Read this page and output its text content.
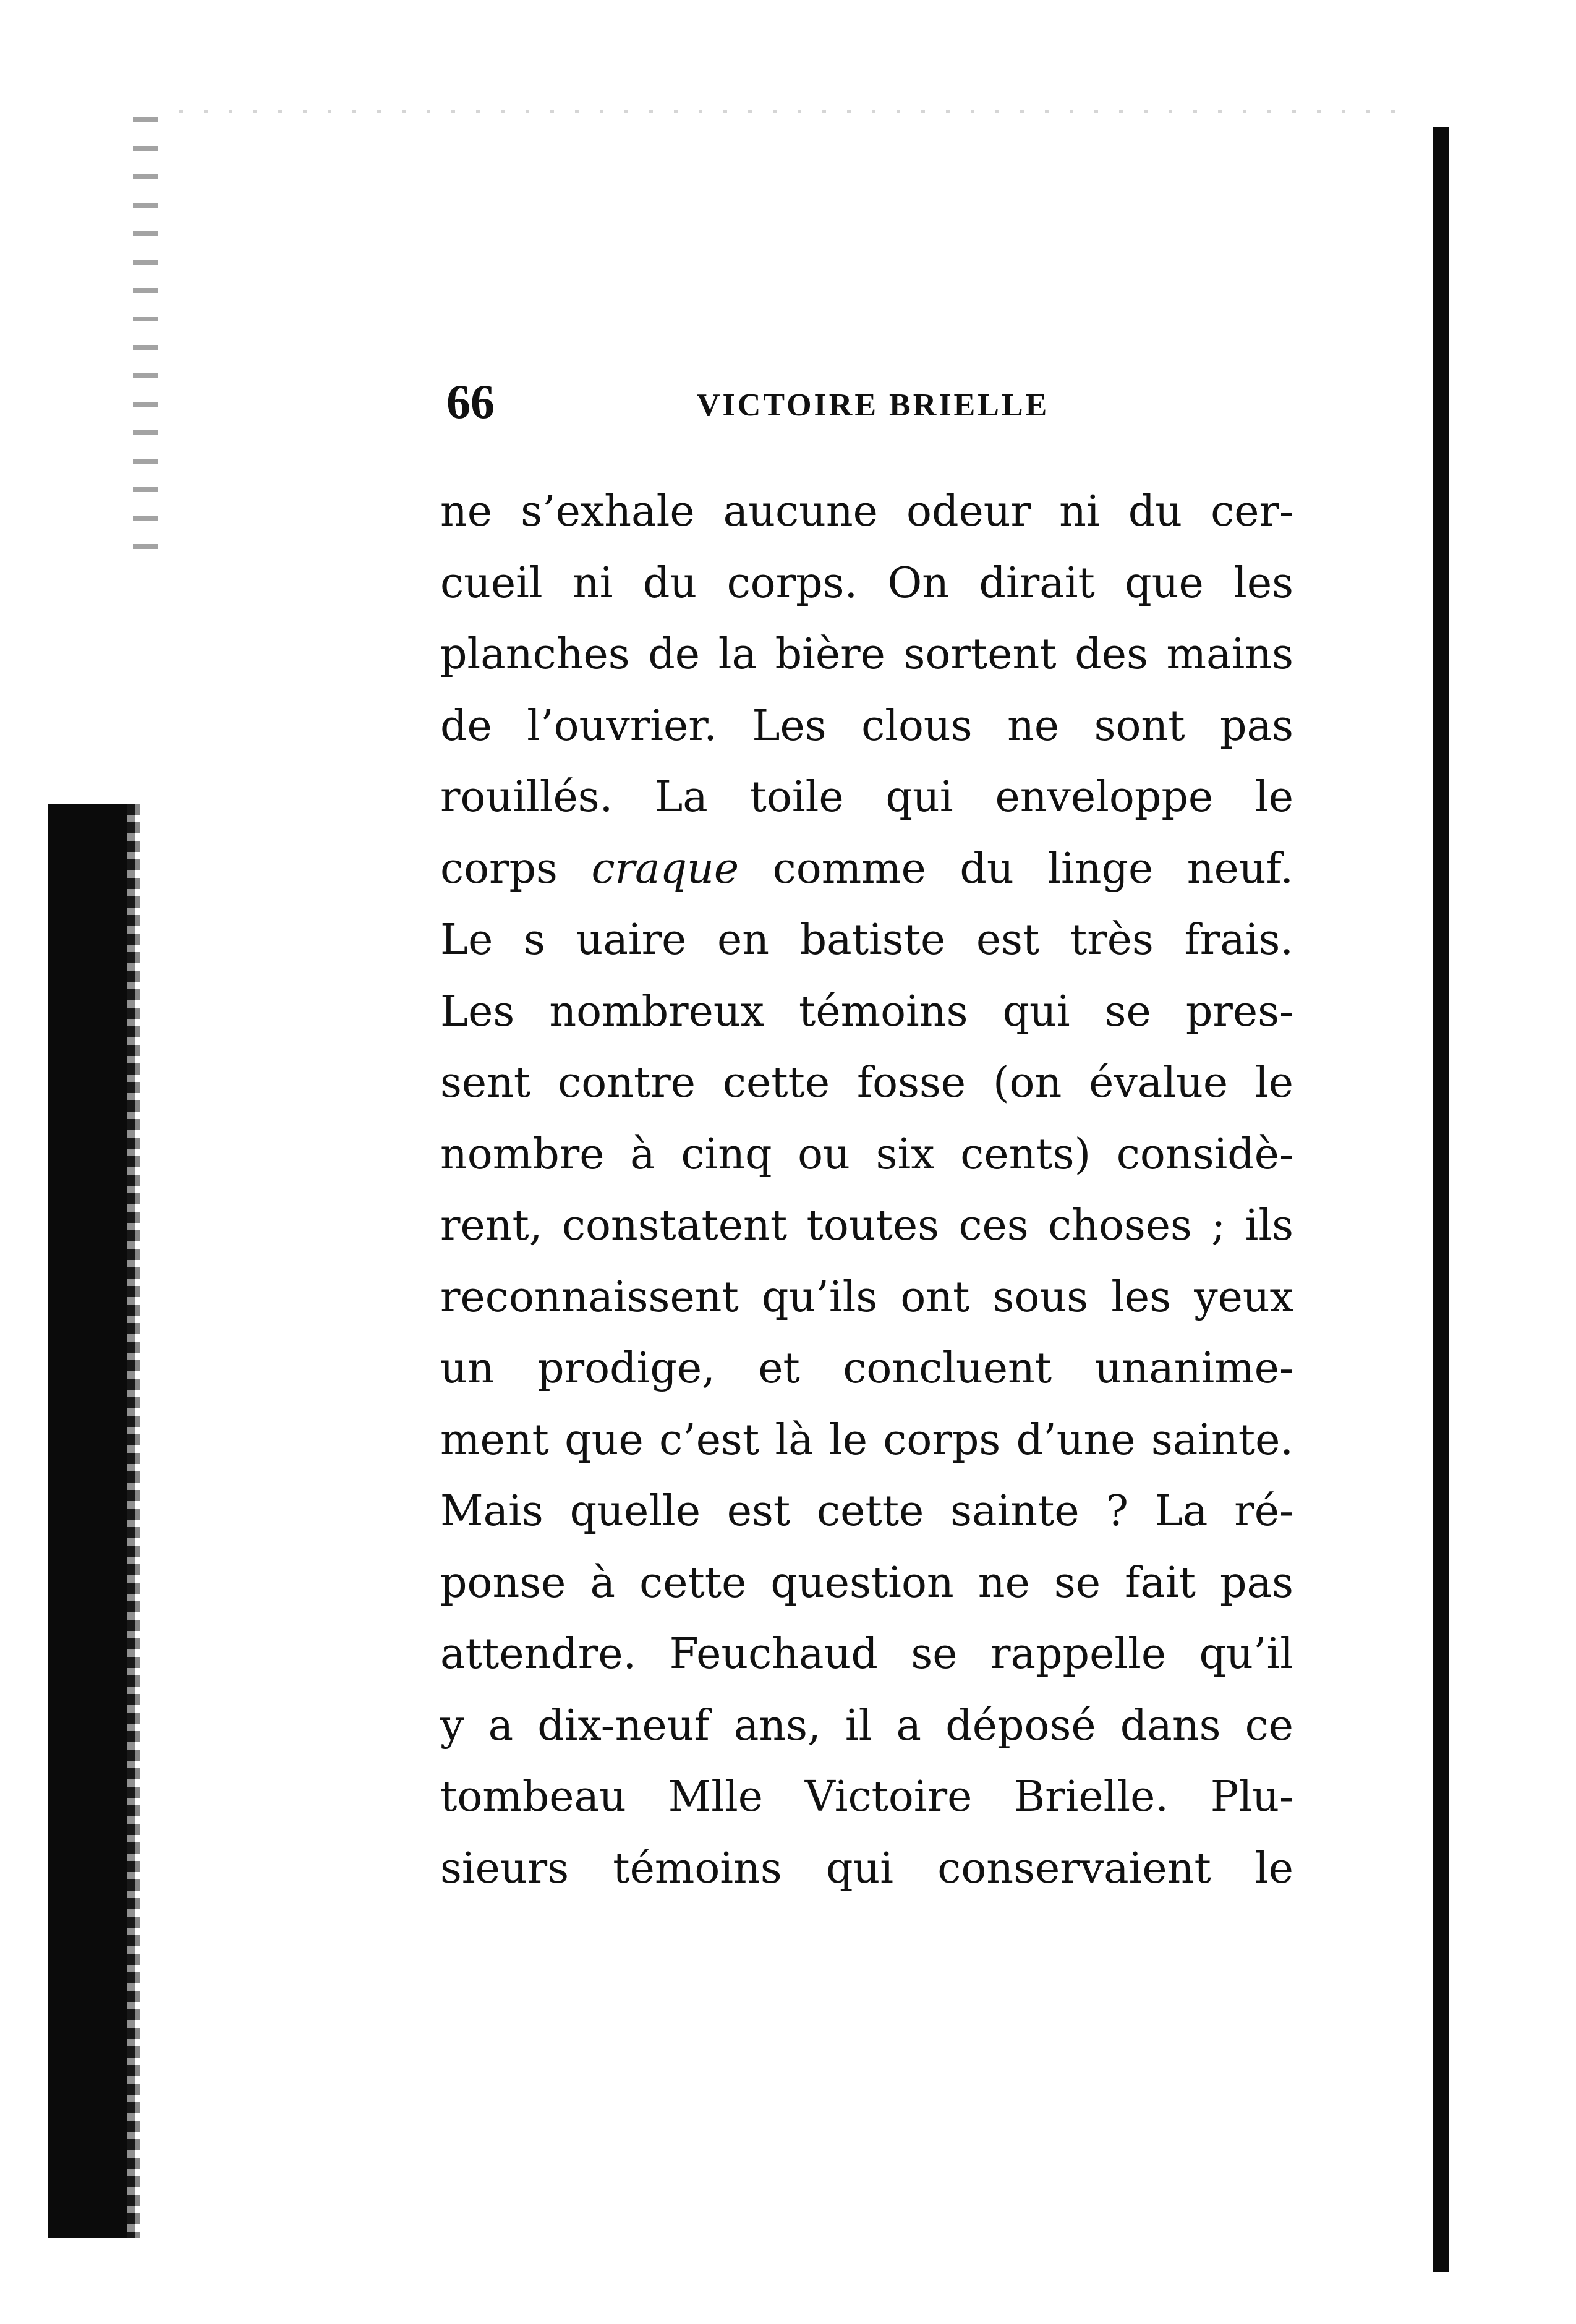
66	VICTOIRE BRIELLE
ne s’exhale aucune odeur ni du cer-
cueil ni du corps. On dirait que les
planches de la bière sortent des mains
de l’ouvrier. Les clous ne sont pas
rouillés. La toile qui enveloppe le
corps craque comme du linge neuf.
Le s uaire en batiste est très frais.
Les nombreux témoins qui se pres-
sent contre cette fosse (on évalue le
nombre à cinq ou six cents) considè-
rent, constatent toutes ces choses ; ils
reconnaissent qu’ils ont sous les yeux
un prodige, et concluent unanime-
ment que c’est là le corps d’une sainte.
Mais quelle est cette sainte ? La ré-
ponse à cette question ne se fait pas
attendre. Feuchaud se rappelle qu’il
y a dix-neuf ans, il a déposé dans ce
tombeau Mlle Victoire Brielle. Plu-
sieurs témoins qui conservaient le
